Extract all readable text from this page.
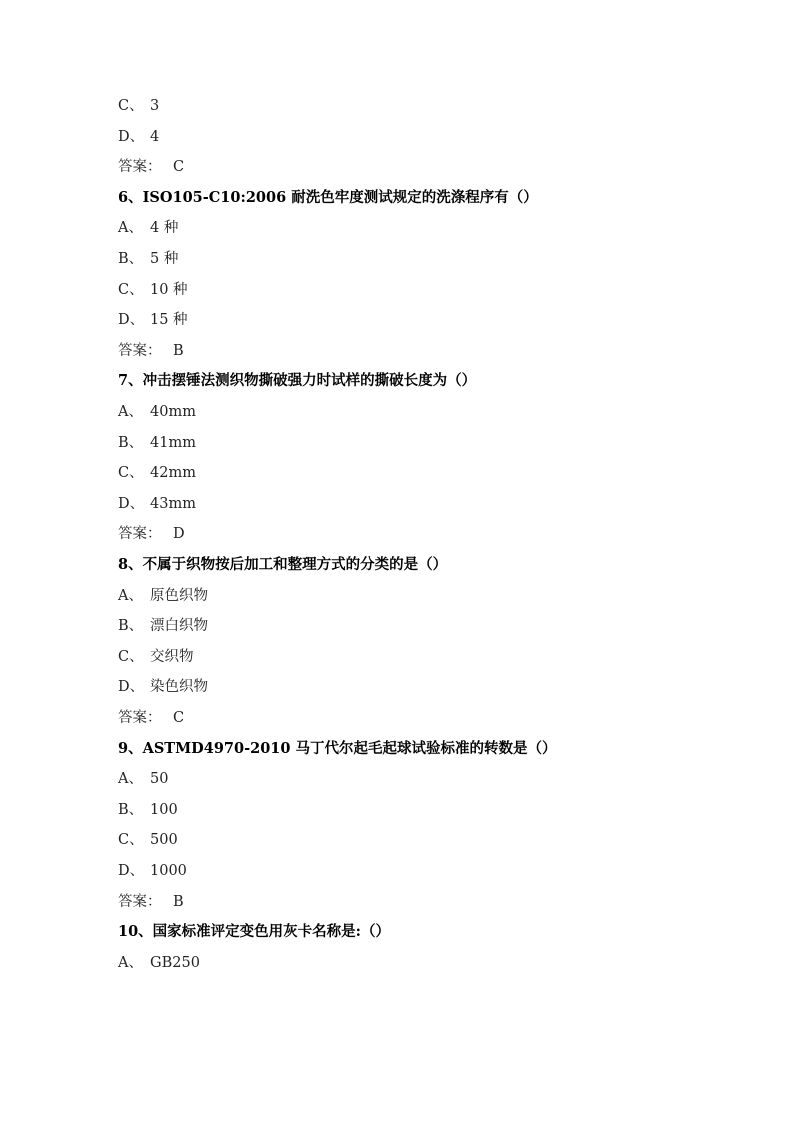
C、 3
D、 4
答案： C
6、ISO105-C10:2006 耐洗色牢度测试规定的洗涤程序有（）
A、 4 种
B、 5 种
C、 10 种
D、 15 种
答案： B
7、冲击摆锤法测织物撕破强力时试样的撕破长度为（）
A、 40mm
B、 41mm
C、 42mm
D、 43mm
答案： D
8、不属于织物按后加工和整理方式的分类的是（）
A、 原色织物
B、 漂白织物
C、 交织物
D、 染色织物
答案： C
9、ASTMD4970-2010 马丁代尔起毛起球试验标准的转数是（）
A、 50
B、 100
C、 500
D、 1000
答案： B
10、国家标准评定变色用灰卡名称是:（）
A、 GB250
